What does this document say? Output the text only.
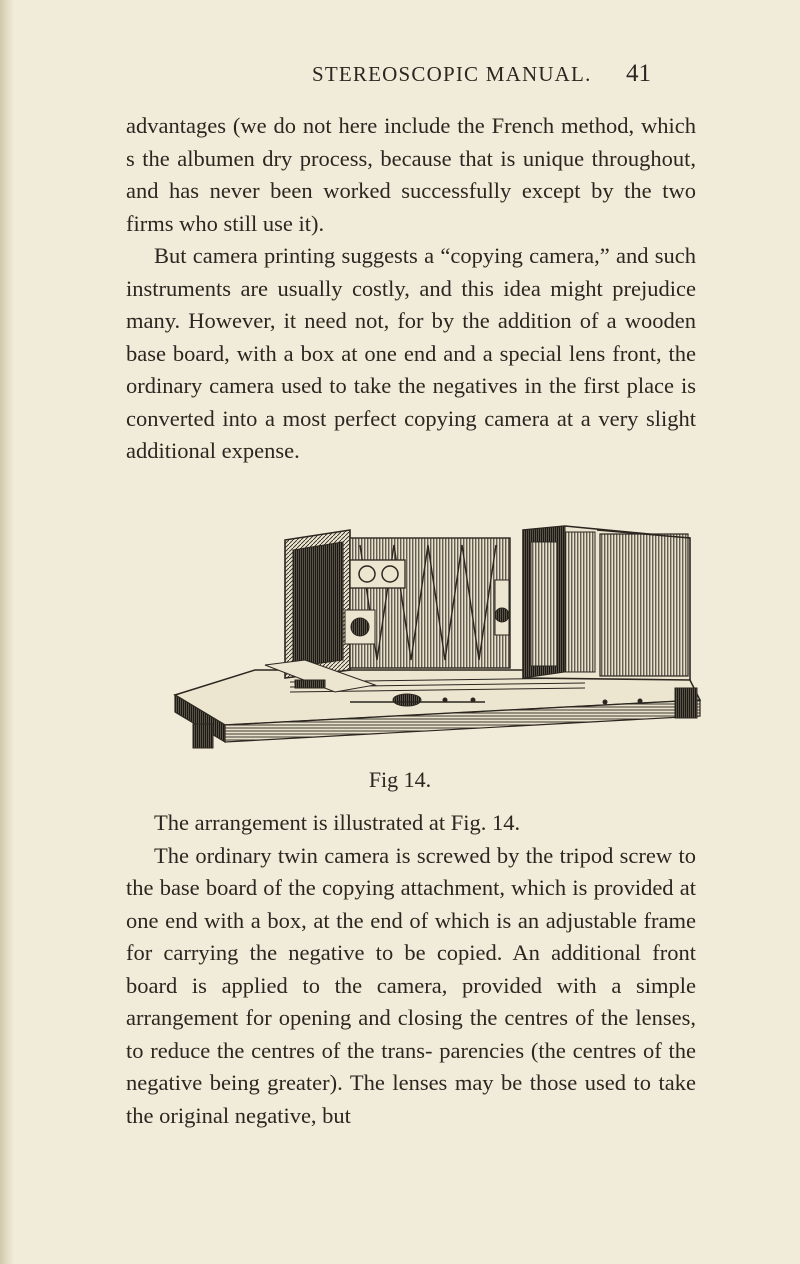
STEREOSCOPIC MANUAL. 41

advantages (we do not here include the French method, which s the albumen dry process, because that is unique throughout, and has never been worked successfully except by the two firms who still use it).

But camera printing suggests a “copying camera,” and such instruments are usually costly, and this idea might prejudice many. However, it need not, for by the addition of a wooden base board, with a box at one end and a special lens front, the ordinary camera used to take the negatives in the first place is converted into a most perfect copying camera at a very slight additional expense.

Fig 14.

The arrangement is illustrated at Fig. 14.

The ordinary twin camera is screwed by the tripod screw to the base board of the copying attachment, which is provided at one end with a box, at the end of which is an adjustable frame for carrying the negative to be copied. An additional front board is applied to the camera, provided with a simple arrangement for opening and closing the centres of the lenses, to reduce the centres of the trans- parencies (the centres of the negative being greater). The lenses may be those used to take the original negative, but
